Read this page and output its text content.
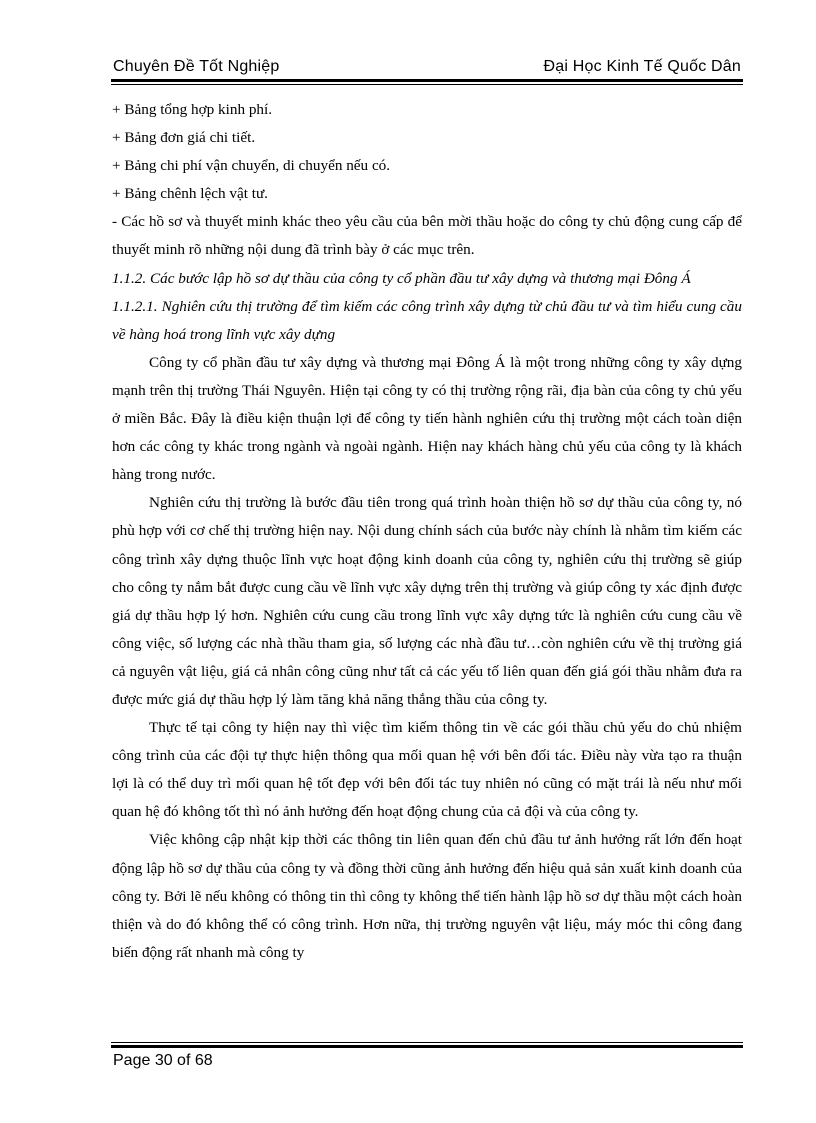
Chuyên Đề Tốt Nghiệp	Đại Học Kinh Tế Quốc Dân

+ Bảng tổng hợp kinh phí.

+ Bảng đơn giá chi tiết.

+ Bảng chi phí vận chuyển, di chuyển nếu có.

+ Bảng chênh lệch vật tư.

- Các hồ sơ và thuyết minh khác theo yêu cầu của bên mời thầu hoặc do công ty chủ động cung cấp để thuyết minh rõ những nội dung đã trình bày ở các mục trên.

1.1.2. Các bước lập hồ sơ dự thầu của công ty cổ phần đầu tư xây dựng và thương mại Đông Á

1.1.2.1. Nghiên cứu thị trường để tìm kiếm các công trình xây dựng từ chủ đầu tư và tìm hiểu cung cầu về hàng hoá trong lĩnh vực xây dựng

Công ty cổ phần đầu tư xây dựng và thương mại Đông Á là một trong những công ty xây dựng mạnh trên thị trường Thái Nguyên. Hiện tại công ty có thị trường rộng rãi, địa bàn của công ty chủ yếu ở miền Bắc. Đây là điều kiện thuận lợi để công ty tiến hành nghiên cứu thị trường một cách toàn diện hơn các công ty khác trong ngành và ngoài ngành. Hiện nay khách hàng chủ yếu của công ty là khách hàng trong nước.

Nghiên cứu thị trường là bước đầu tiên trong quá trình hoàn thiện hồ sơ dự thầu của công ty, nó phù hợp với cơ chế thị trường hiện nay. Nội dung chính sách của bước này chính là nhằm tìm kiếm các công trình xây dựng thuộc lĩnh vực hoạt động kinh doanh của công ty, nghiên cứu thị trường sẽ giúp cho công ty nắm bắt được cung cầu về lĩnh vực xây dựng trên thị trường và giúp công ty xác định được giá dự thầu hợp lý hơn. Nghiên cứu cung cầu trong lĩnh vực xây dựng tức là nghiên cứu cung cầu về công việc, số lượng các nhà thầu tham gia, số lượng các nhà đầu tư…còn nghiên cứu về thị trường giá cả nguyên vật liệu, giá cả nhân công cũng như tất cả các yếu tố liên quan đến giá gói thầu nhằm đưa ra được mức giá dự thầu hợp lý làm tăng khả năng thắng thầu của công ty.

Thực tế tại công ty hiện nay thì việc tìm kiếm thông tin về các gói thầu chủ yếu do chủ nhiệm công trình của các đội tự thực hiện thông qua mối quan hệ với bên đối tác. Điều này vừa tạo ra thuận lợi là có thể duy trì mối quan hệ tốt đẹp với bên đối tác tuy nhiên nó cũng có mặt trái là nếu như mối quan hệ đó không tốt thì nó ảnh hưởng đến hoạt động chung của cả đội và của công ty.

Việc không cập nhật kịp thời các thông tin liên quan đến chủ đầu tư ảnh hưởng rất lớn đến hoạt động lập hồ sơ dự thầu của công ty và đồng thời cũng ảnh hưởng đến hiệu quả sản xuất kinh doanh của công ty. Bởi lẽ nếu không có thông tin thì công ty không thể tiến hành lập hồ sơ dự thầu một cách hoàn thiện và do đó không thể có công trình. Hơn nữa, thị trường nguyên vật liệu, máy móc thi công đang biến động rất nhanh mà công ty

Page 30 of 68
